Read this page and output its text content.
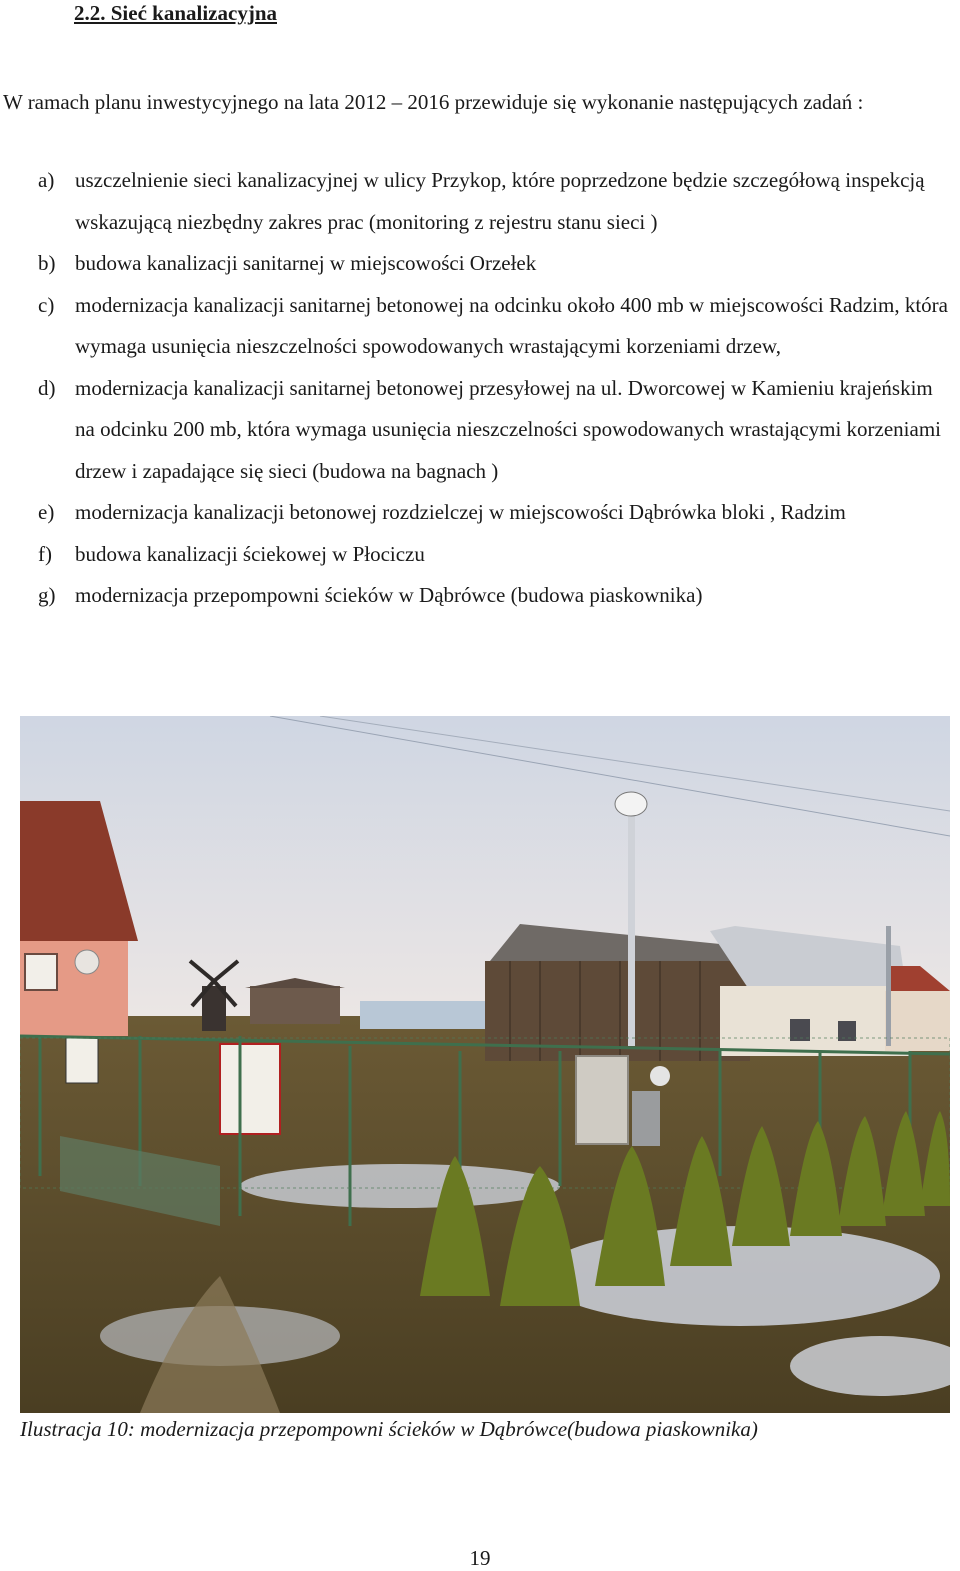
2.2. Sieć kanalizacyjna
W ramach planu inwestycyjnego na lata 2012 – 2016 przewiduje się wykonanie następujących zadań :
a) uszczelnienie sieci kanalizacyjnej w ulicy Przykop, które poprzedzone będzie szczegółową inspekcją wskazującą niezbędny zakres prac (monitoring z rejestru stanu sieci )
b) budowa kanalizacji sanitarnej w miejscowości Orzełek
c) modernizacja kanalizacji sanitarnej betonowej na odcinku około 400 mb w miejscowości Radzim, która wymaga usunięcia nieszczelności spowodowanych wrastającymi korzeniami drzew,
d) modernizacja kanalizacji sanitarnej betonowej przesyłowej na ul. Dworcowej w Kamieniu krajeńskim na odcinku 200 mb, która wymaga usunięcia nieszczelności spowodowanych wrastającymi korzeniami drzew i zapadające się sieci (budowa na bagnach )
e) modernizacja kanalizacji betonowej rozdzielczej w miejscowości Dąbrówka bloki , Radzim
f) budowa kanalizacji ściekowej w Płociczu
g) modernizacja przepompowni ścieków w Dąbrówce (budowa piaskownika)
Ilustracja 10: modernizacja przepompowni ścieków w Dąbrówce(budowa piaskownika)
19
